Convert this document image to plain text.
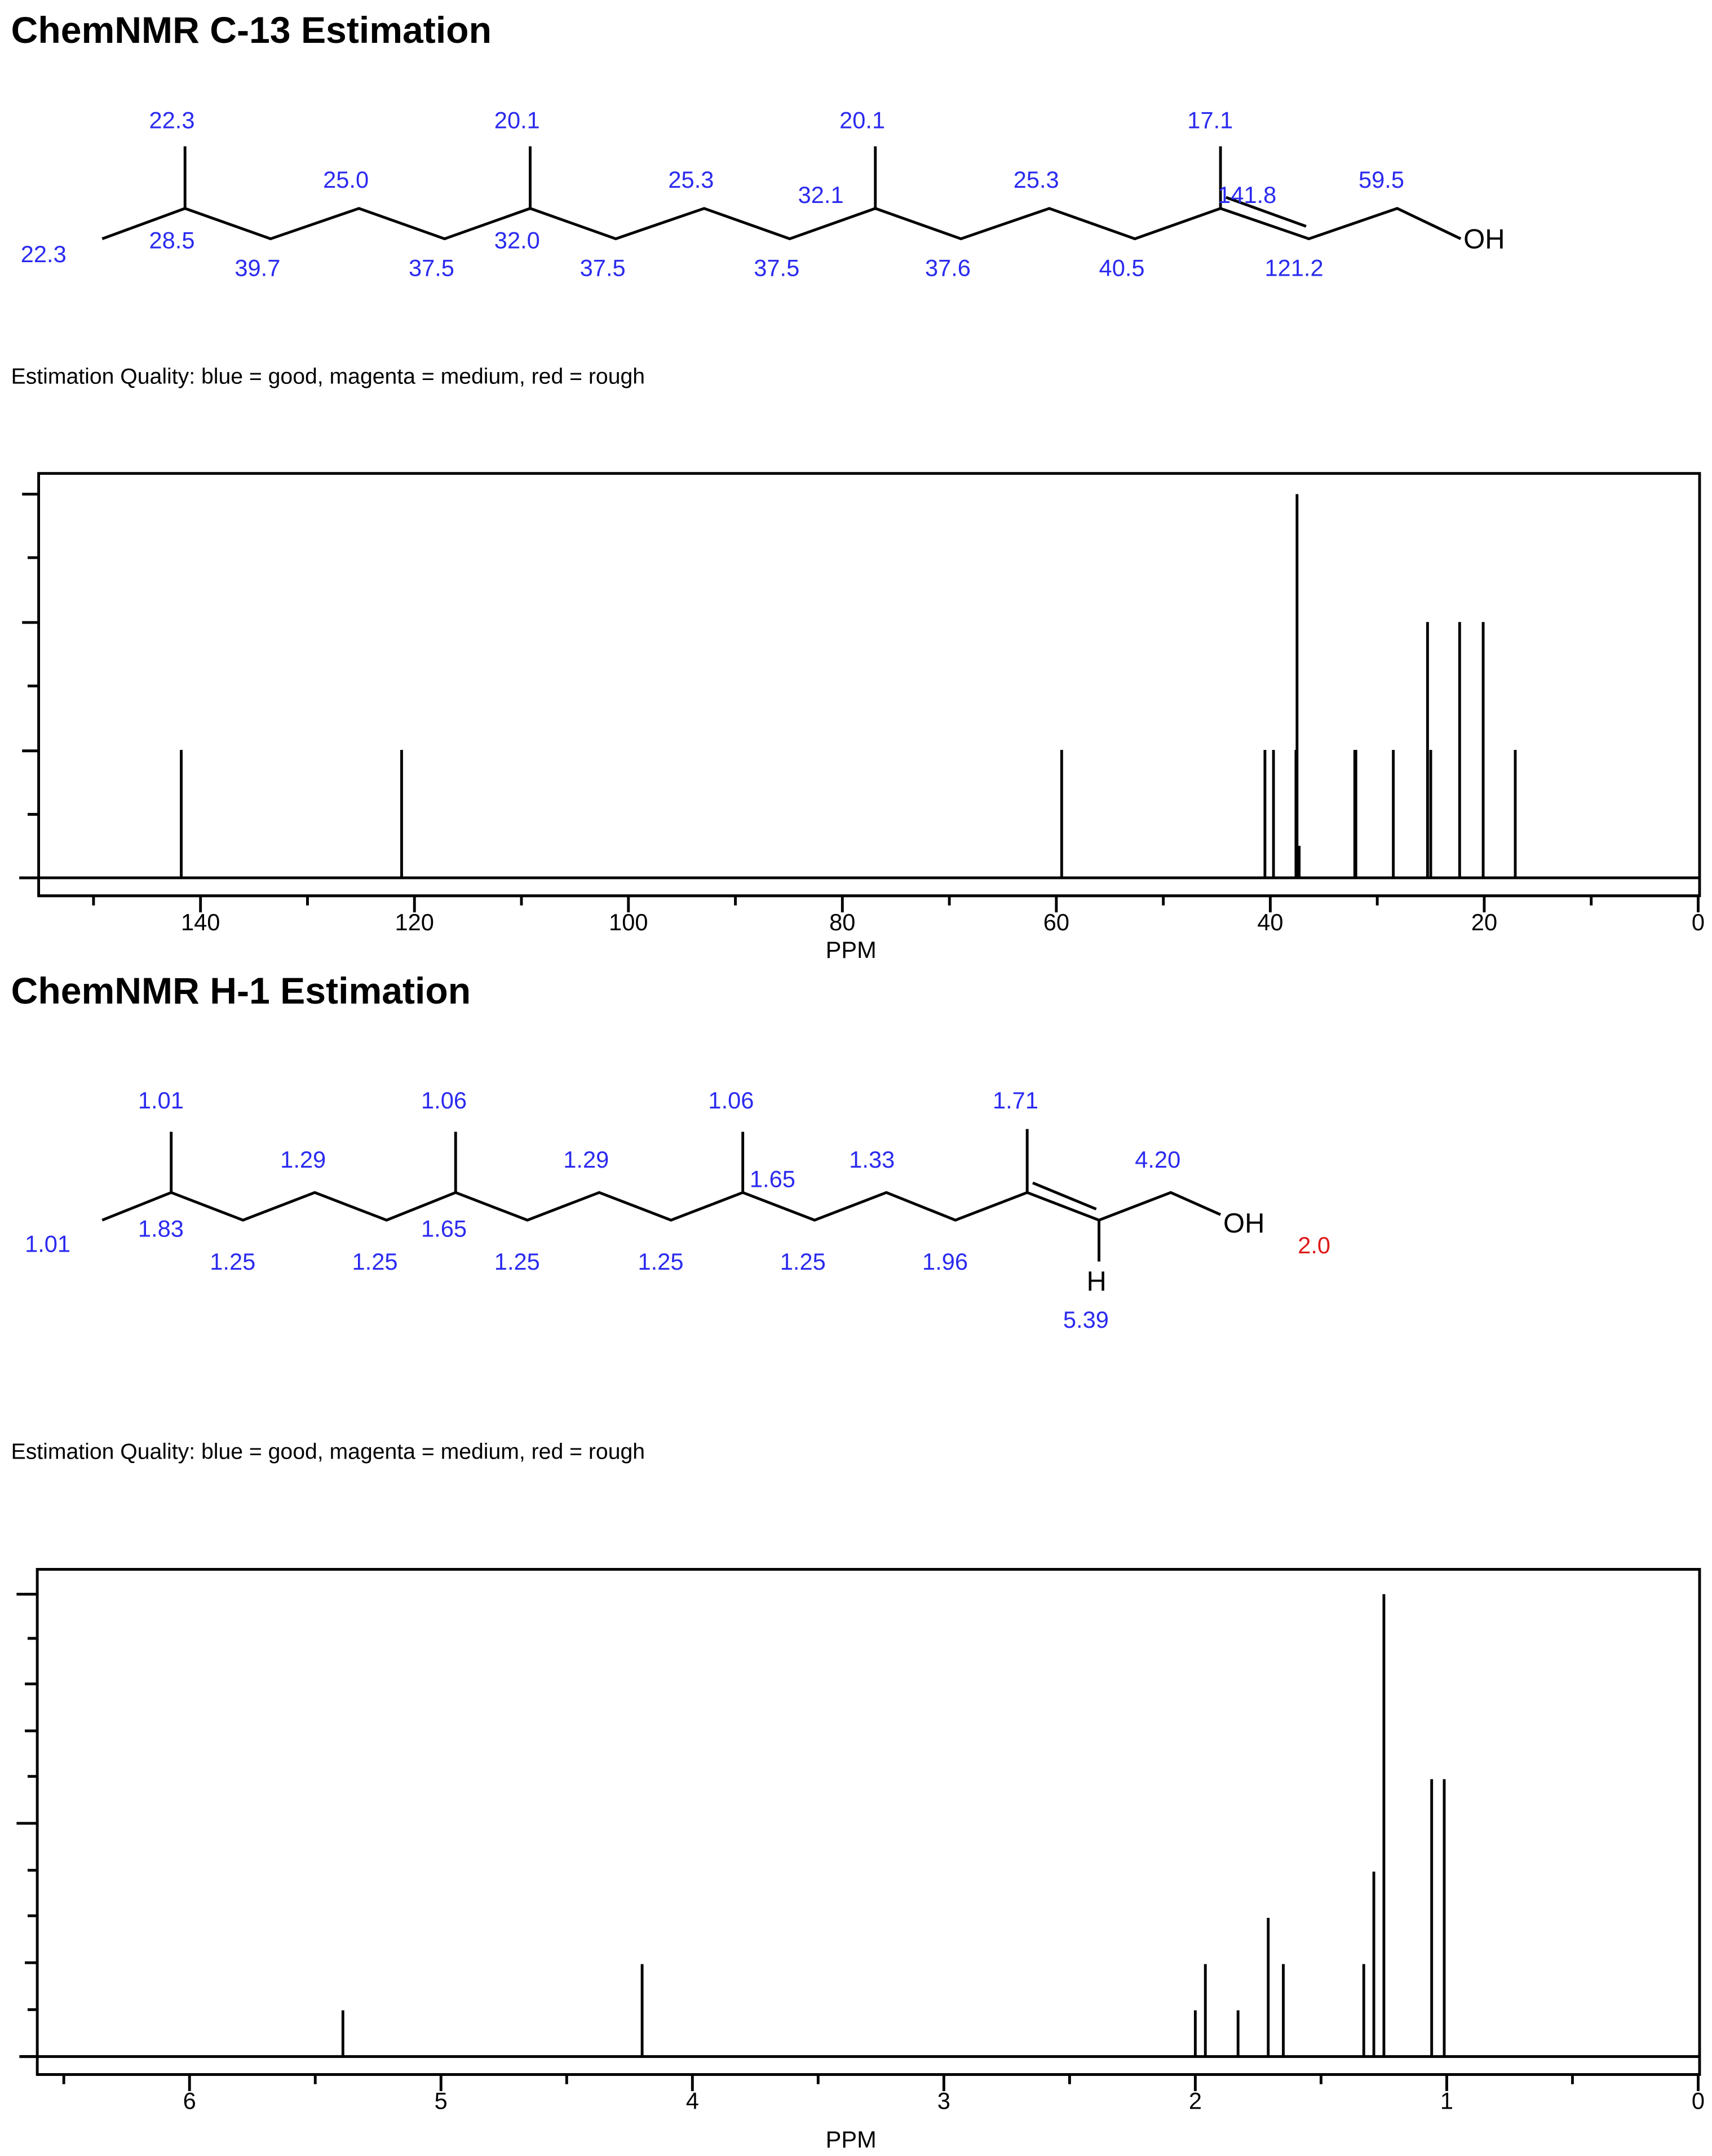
ChemNMR C-13 Estimation
OH
22.3
22.3
28.5
39.7
25.0
37.5
20.1
32.0
37.5
25.3
37.5
32.1
20.1
37.6
25.3
40.5
17.1
141.8
121.2
59.5
Estimation Quality: blue = good, magenta = medium, red = rough
140	120	100	80	60	40	20	0
PPM
ChemNMR H-1 Estimation
H
OH
1.01
1.01
1.83
1.25
1.29
1.25
1.06
1.65
1.25
1.29
1.25
1.65
1.06
1.25
1.33
1.96
1.71
5.39
4.20
2.0
Estimation Quality: blue = good, magenta = medium, red = rough
6	5	4	3	2	1	0
PPM
